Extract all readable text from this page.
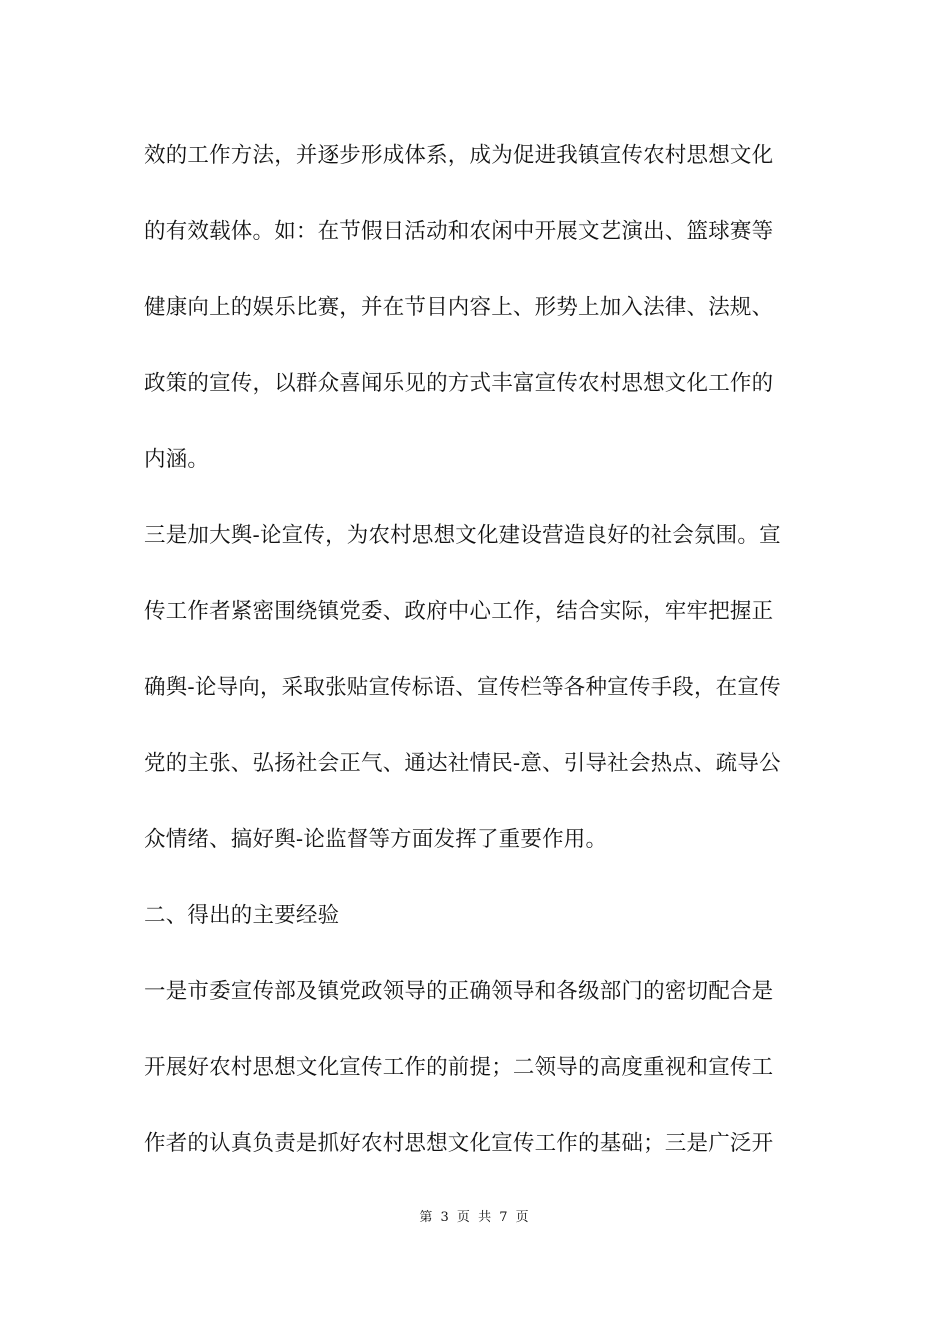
效的工作方法，并逐步形成体系，成为促进我镇宣传农村思想文化
的有效载体。如：在节假日活动和农闲中开展文艺演出、篮球赛等
健康向上的娱乐比赛，并在节目内容上、形势上加入法律、法规、
政策的宣传，以群众喜闻乐见的方式丰富宣传农村思想文化工作的
内涵。
三是加大舆-论宣传，为农村思想文化建设营造良好的社会氛围。宣
传工作者紧密围绕镇党委、政府中心工作，结合实际，牢牢把握正
确舆-论导向，采取张贴宣传标语、宣传栏等各种宣传手段，在宣传
党的主张、弘扬社会正气、通达社情民-意、引导社会热点、疏导公
众情绪、搞好舆-论监督等方面发挥了重要作用。
二、得出的主要经验
一是市委宣传部及镇党政领导的正确领导和各级部门的密切配合是
开展好农村思想文化宣传工作的前提；二领导的高度重视和宣传工
作者的认真负责是抓好农村思想文化宣传工作的基础；三是广泛开
第 3 页 共 7 页
